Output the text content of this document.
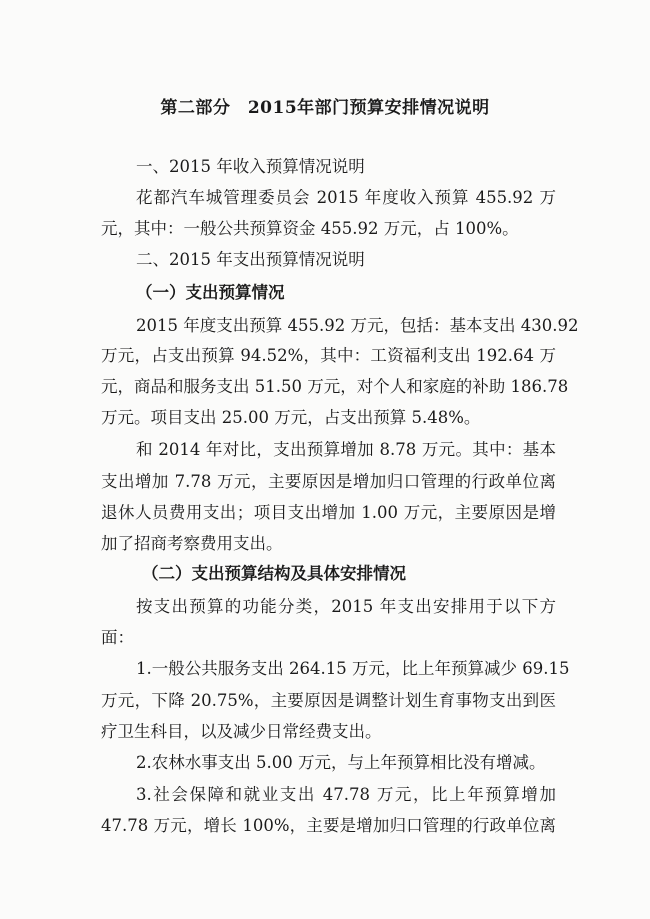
第二部分　2015年部门预算安排情况说明
一、2015 年收入预算情况说明
花都汽车城管理委员会 2015 年度收入预算 455.92 万
元，其中：一般公共预算资金 455.92 万元，占 100%。
二、2015 年支出预算情况说明
（一）支出预算情况
2015 年度支出预算 455.92 万元，包括：基本支出 430.92
万元，占支出预算 94.52%，其中：工资福利支出 192.64 万
元，商品和服务支出 51.50 万元，对个人和家庭的补助 186.78
万元。项目支出 25.00 万元，占支出预算 5.48%。
和 2014 年对比，支出预算增加 8.78 万元。其中：基本
支出增加 7.78 万元，主要原因是增加归口管理的行政单位离
退休人员费用支出；项目支出增加 1.00 万元，主要原因是增
加了招商考察费用支出。
（二）支出预算结构及具体安排情况
按支出预算的功能分类，2015 年支出安排用于以下方
面：
1.一般公共服务支出 264.15 万元，比上年预算减少 69.15
万元，下降 20.75%，主要原因是调整计划生育事物支出到医
疗卫生科目，以及减少日常经费支出。
2.农林水事支出 5.00 万元，与上年预算相比没有增减。
3.社会保障和就业支出 47.78 万元，比上年预算增加
47.78 万元，增长 100%，主要是增加归口管理的行政单位离
